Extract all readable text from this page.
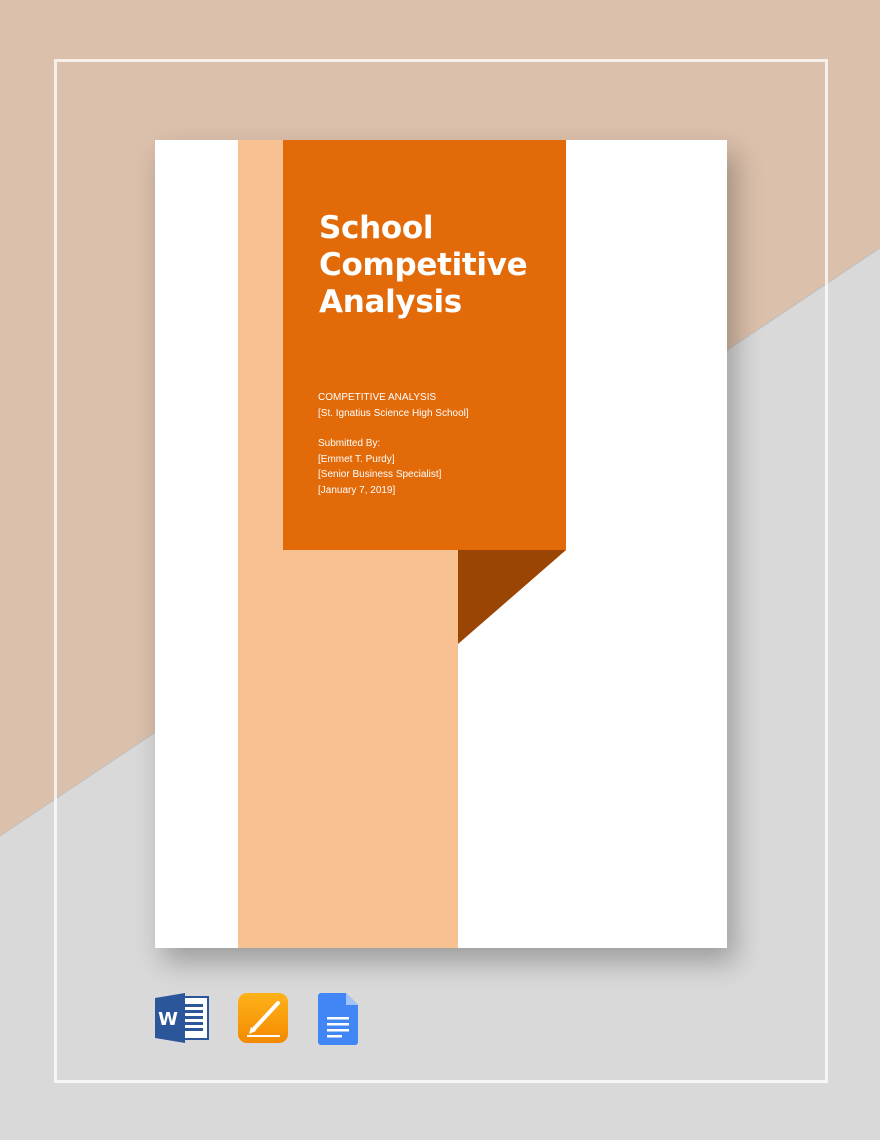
School
Competitive
Analysis
COMPETITIVE ANALYSIS
[St. Ignatius Science High School]
Submitted By:
[Emmet T. Purdy]
[Senior Business Specialist]
[January 7, 2019]
W
